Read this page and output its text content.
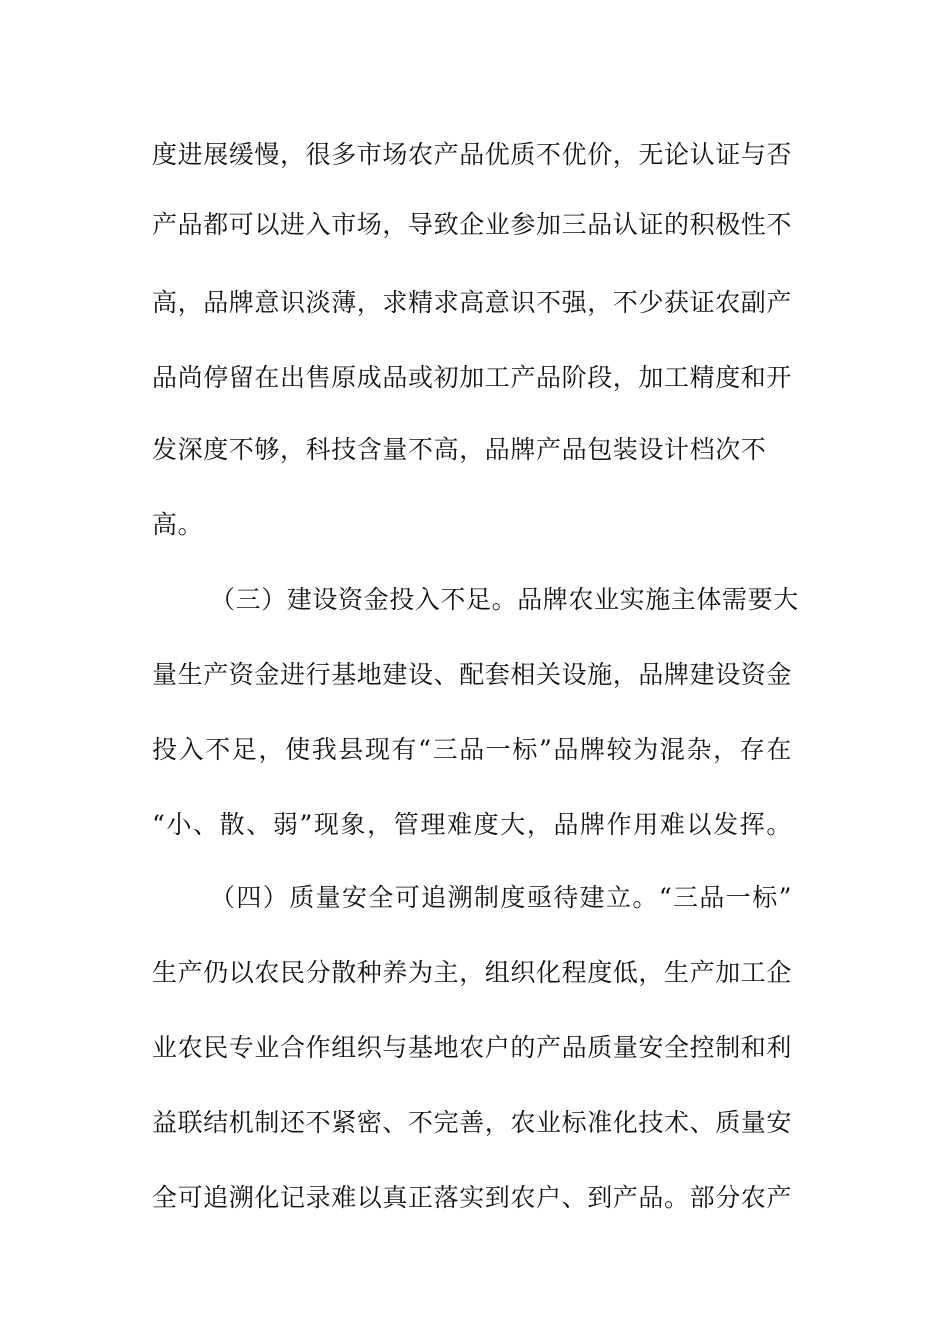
度进展缓慢，很多市场农产品优质不优价，无论认证与否
产品都可以进入市场，导致企业参加三品认证的积极性不
高，品牌意识淡薄，求精求高意识不强，不少获证农副产
品尚停留在出售原成品或初加工产品阶段，加工精度和开
发深度不够，科技含量不高，品牌产品包装设计档次不
高。
（三）建设资金投入不足。品牌农业实施主体需要大
量生产资金进行基地建设、配套相关设施，品牌建设资金
投入不足，使我县现有“三品一标”品牌较为混杂，存在
“小、散、弱”现象，管理难度大，品牌作用难以发挥。
（四）质量安全可追溯制度亟待建立。“三品一标”
生产仍以农民分散种养为主，组织化程度低，生产加工企
业农民专业合作组织与基地农户的产品质量安全控制和利
益联结机制还不紧密、不完善，农业标准化技术、质量安
全可追溯化记录难以真正落实到农户、到产品。部分农产
